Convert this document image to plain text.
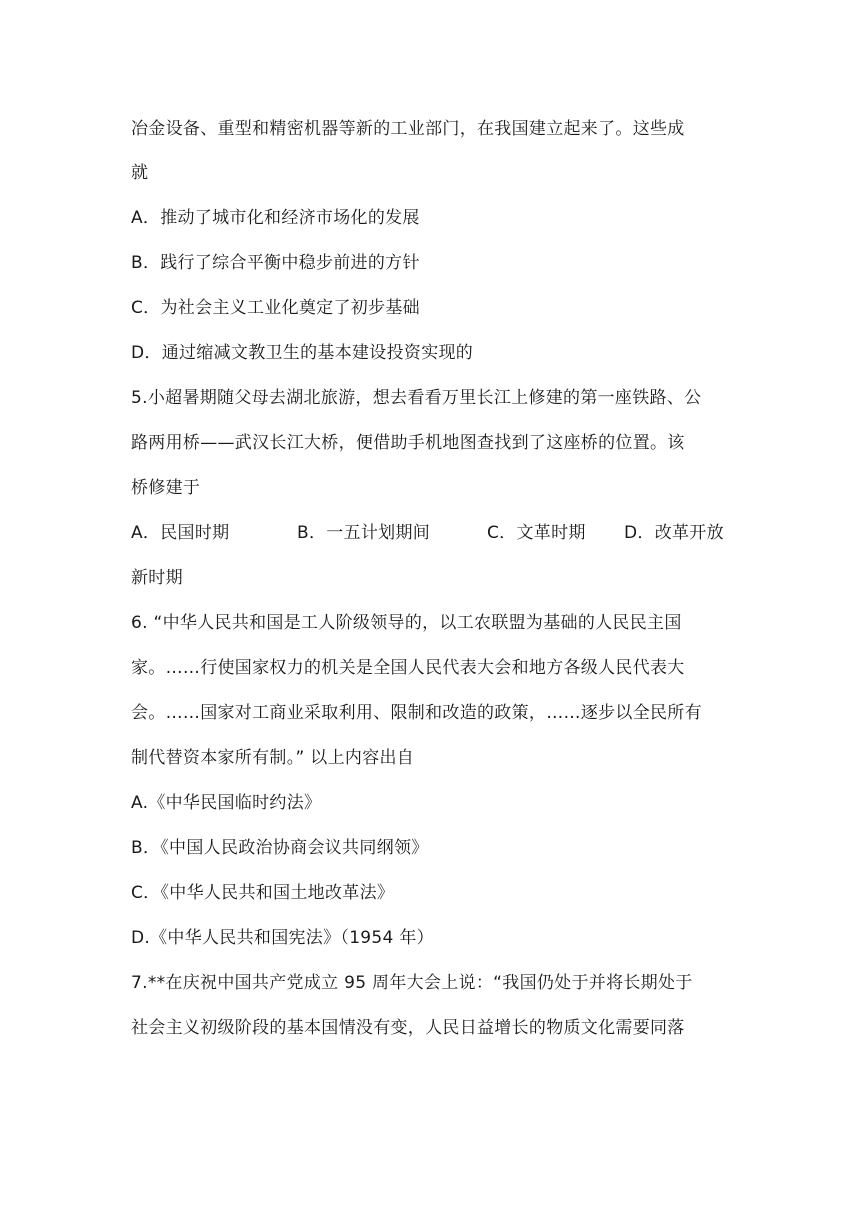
冶金设备、重型和精密机器等新的工业部门，在我国建立起来了。这些成
就
A．推动了城市化和经济市场化的发展
B．践行了综合平衡中稳步前进的方针
C．为社会主义工业化奠定了初步基础
D．通过缩减文教卫生的基本建设投资实现的
5.小超暑期随父母去湖北旅游，想去看看万里长江上修建的第一座铁路、公
路两用桥——武汉长江大桥，便借助手机地图查找到了这座桥的位置。该
桥修建于
A．民国时期	B．一五计划期间	C．文革时期 D．改革开放
新时期
6. “中华人民共和国是工人阶级领导的，以工农联盟为基础的人民民主国
家。……行使国家权力的机关是全国人民代表大会和地方各级人民代表大
会。……国家对工商业采取利用、限制和改造的政策，……逐步以全民所有
制代替资本家所有制。” 以上内容出自
A.《中华民国临时约法》
B．《中国人民政治协商会议共同纲领》
C．《中华人民共和国土地改革法》
D.《中华人民共和国宪法》（1954 年）
7.**在庆祝中国共产党成立 95 周年大会上说：“我国仍处于并将长期处于
社会主义初级阶段的基本国情没有变，人民日益增长的物质文化需要同落
